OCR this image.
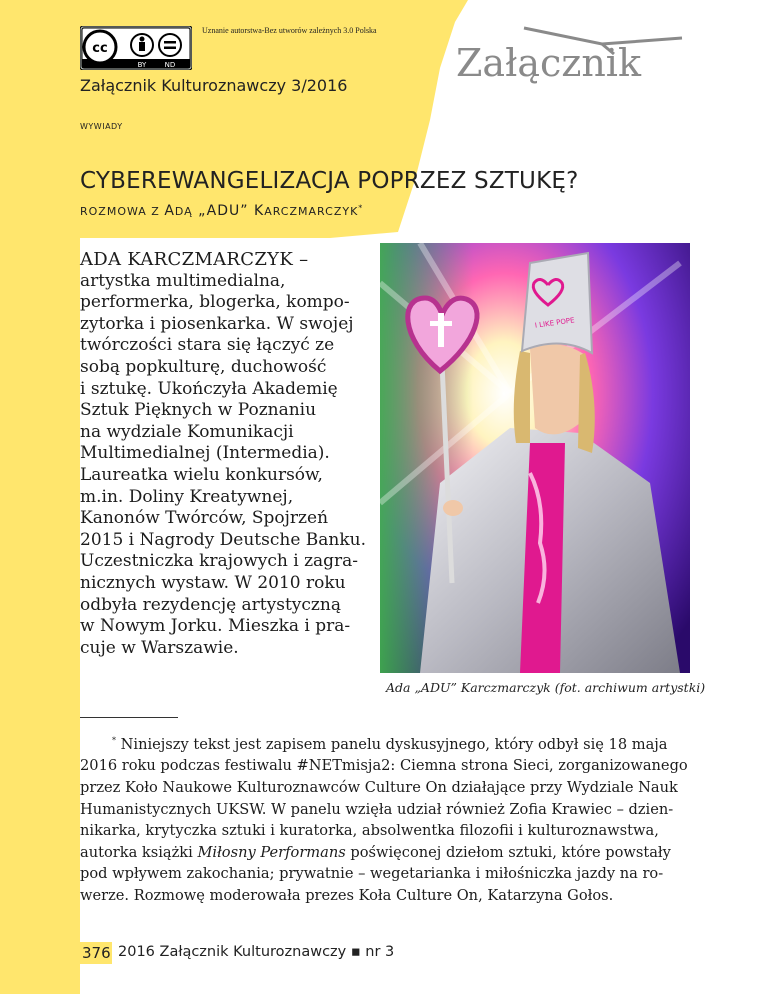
cc
BY	ND
Uznanie autorstwa-Bez utworów zależnych 3.0 Polska
Załącznik
Załącznik Kulturoznawczy 3/2016
WYWIADY
CYBEREWANGELIZACJA POPRZEZ SZTUKĘ?
ROZMOWA Z ADĄ „ADU” KARCZMARCZYK*
ADA KARCZMARCZYK –
artystka multimedialna,
performerka, blogerka, kompo-
zytorka i piosenkarka. W swojej
twórczości stara się łączyć ze
sobą popkulturę, duchowość
i sztukę. Ukończyła Akademię
Sztuk Pięknych w Poznaniu
na wydziale Komunikacji
Multimedialnej (Intermedia).
Laureatka wielu konkursów,
m.in. Doliny Kreatywnej,
Kanonów Twórców, Spojrzeń
2015 i Nagrody Deutsche Banku.
Uczestniczka krajowych i zagra-
nicznych wystaw. W 2010 roku
odbyła rezydencję artystyczną
w Nowym Jorku. Mieszka i pra-
cuje w Warszawie.
I LIKE POPE
Ada „ADU” Karczmarczyk (fot. archiwum artystki)
* Niniejszy tekst jest zapisem panelu dyskusyjnego, który odbył się 18 maja
2016 roku podczas festiwalu #NETmisja2: Ciemna strona Sieci, zorganizowanego
przez Koło Naukowe Kulturoznawców Culture On działające przy Wydziale Nauk
Humanistycznych UKSW. W panelu wzięła udział również Zofia Krawiec – dzien-
nikarka, krytyczka sztuki i kuratorka, absolwentka filozofii i kulturoznawstwa,
autorka książki Miłosny Performans poświęconej dziełom sztuki, które powstały
pod wpływem zakochania; prywatnie – wegetarianka i miłośniczka jazdy na ro-
werze. Rozmowę moderowała prezes Koła Culture On, Katarzyna Gołos.
376 2016 Załącznik Kulturoznawczy ▪ nr 3
